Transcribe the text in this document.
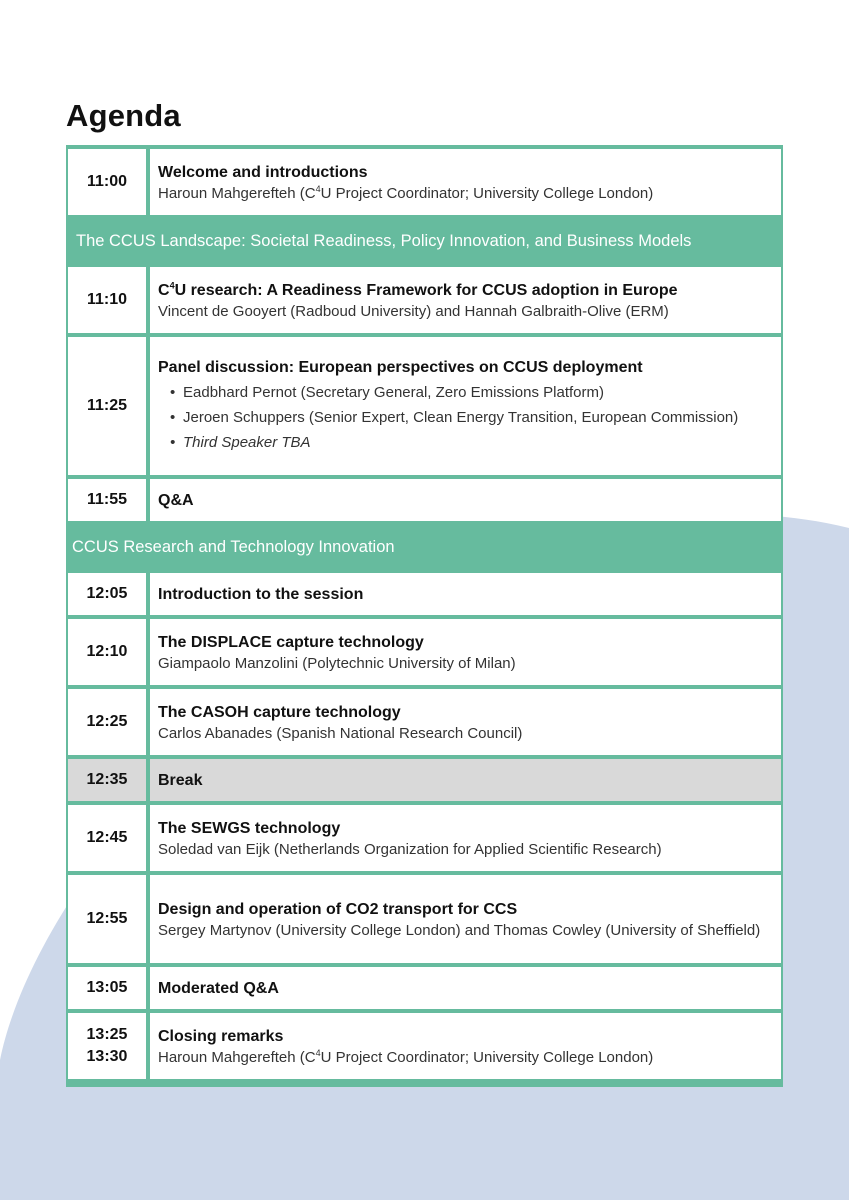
Agenda
11:00
Welcome and introductions
Haroun Mahgerefteh ($C^4U$ Project Coordinator; University College London)
The CCUS Landscape: Societal Readiness, Policy Innovation, and Business Models
11:10
$C^4U$ research: A Readiness Framework for CCUS adoption in Europe
Vincent de Gooyert (Radboud University) and Hannah Galbraith-Olive (ERM)
11:25
Panel discussion: European perspectives on CCUS deployment
• Eadbhard Pernot (Secretary General, Zero Emissions Platform)
• Jeroen Schuppers (Senior Expert, Clean Energy Transition, European Commission)
• Third Speaker TBA
11:55 Q&A
CCUS Research and Technology Innovation
12:05 Introduction to the session
12:10
The DISPLACE capture technology
Giampaolo Manzolini (Polytechnic University of Milan)
12:25
The CASOH capture technology
Carlos Abanades (Spanish National Research Council)
12:35 Break
12:45
The SEWGS technology
Soledad van Eijk (Netherlands Organization for Applied Scientific Research)
12:55
Design and operation of CO2 transport for CCS
Sergey Martynov (University College London) and Thomas Cowley (University of Sheffield)
13:05 Moderated Q&A
13:25
13:30
Closing remarks
Haroun Mahgerefteh ($C^4U$ Project Coordinator; University College London)
